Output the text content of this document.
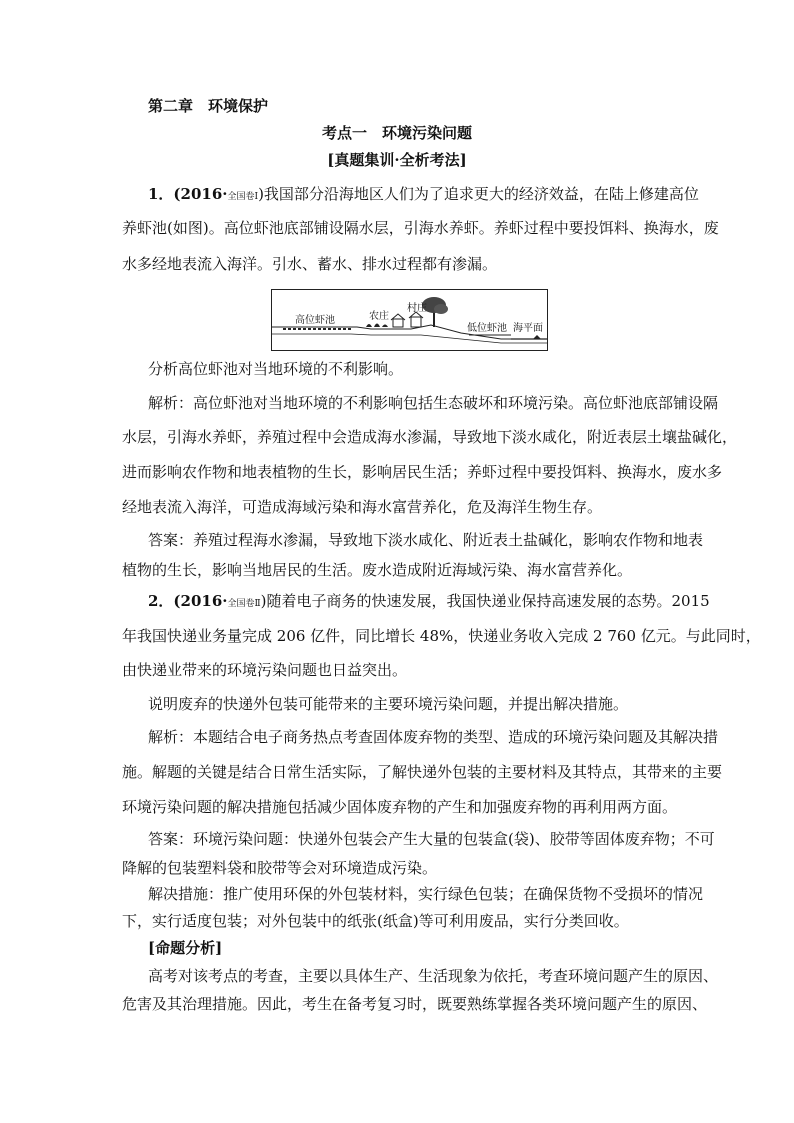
第二章　环境保护
考点一　环境污染问题
[真题集训·全析考法]
1．(2016·全国卷Ⅰ)我国部分沿海地区人们为了追求更大的经济效益，在陆上修建高位
养虾池(如图)。高位虾池底部铺设隔水层，引海水养虾。养虾过程中要投饵料、换海水，废
水多经地表流入海洋。引水、蓄水、排水过程都有渗漏。
高位虾池	农庄
村庄
低位虾池 海平面
分析高位虾池对当地环境的不利影响。
解析：高位虾池对当地环境的不利影响包括生态破坏和环境污染。高位虾池底部铺设隔
水层，引海水养虾，养殖过程中会造成海水渗漏，导致地下淡水咸化，附近表层土壤盐碱化，
进而影响农作物和地表植物的生长，影响居民生活；养虾过程中要投饵料、换海水，废水多
经地表流入海洋，可造成海域污染和海水富营养化，危及海洋生物生存。
答案：养殖过程海水渗漏，导致地下淡水咸化、附近表土盐碱化，影响农作物和地表
植物的生长，影响当地居民的生活。废水造成附近海域污染、海水富营养化。
2．(2016·全国卷Ⅱ)随着电子商务的快速发展，我国快递业保持高速发展的态势。2015
年我国快递业务量完成 206 亿件，同比增长 48%，快递业务收入完成 2 760 亿元。与此同时，
由快递业带来的环境污染问题也日益突出。
说明废弃的快递外包装可能带来的主要环境污染问题，并提出解决措施。
解析：本题结合电子商务热点考查固体废弃物的类型、造成的环境污染问题及其解决措
施。解题的关键是结合日常生活实际，了解快递外包装的主要材料及其特点，其带来的主要
环境污染问题的解决措施包括减少固体废弃物的产生和加强废弃物的再利用两方面。
答案：环境污染问题：快递外包装会产生大量的包装盒(袋)、胶带等固体废弃物；不可
降解的包装塑料袋和胶带等会对环境造成污染。
解决措施：推广使用环保的外包装材料，实行绿色包装；在确保货物不受损坏的情况
下，实行适度包装；对外包装中的纸张(纸盒)等可利用废品，实行分类回收。
[命题分析]
高考对该考点的考查，主要以具体生产、生活现象为依托，考查环境问题产生的原因、
危害及其治理措施。因此，考生在备考复习时，既要熟练掌握各类环境问题产生的原因、
